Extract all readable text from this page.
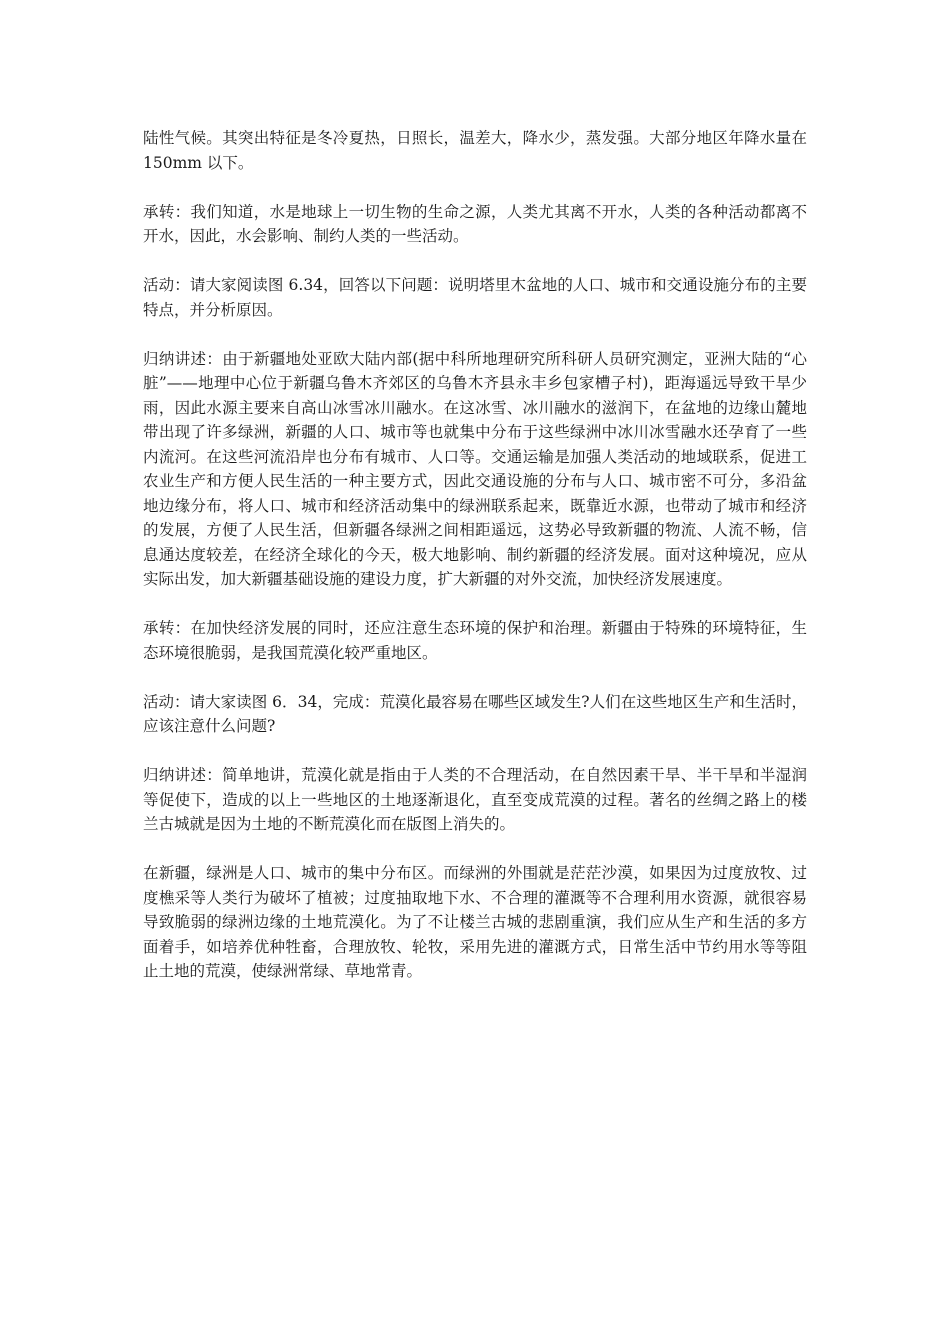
陆性气候。其突出特征是冬冷夏热，日照长，温差大，降水少，蒸发强。大部分地区年降水量在 150mm 以下。

承转：我们知道，水是地球上一切生物的生命之源，人类尤其离不开水，人类的各种活动都离不开水，因此，水会影响、制约人类的一些活动。

活动：请大家阅读图 6.34，回答以下问题：说明塔里木盆地的人口、城市和交通设施分布的主要特点，并分析原因。

归纳讲述：由于新疆地处亚欧大陆内部(据中科所地理研究所科研人员研究测定，亚洲大陆的“心脏”——地理中心位于新疆乌鲁木齐郊区的乌鲁木齐县永丰乡包家槽子村)，距海遥远导致干旱少雨，因此水源主要来自高山冰雪冰川融水。在这冰雪、冰川融水的滋润下，在盆地的边缘山麓地带出现了许多绿洲，新疆的人口、城市等也就集中分布于这些绿洲中冰川冰雪融水还孕育了一些内流河。在这些河流沿岸也分布有城市、人口等。交通运输是加强人类活动的地域联系，促进工农业生产和方便人民生活的一种主要方式，因此交通设施的分布与人口、城市密不可分，多沿盆地边缘分布，将人口、城市和经济活动集中的绿洲联系起来，既靠近水源，也带动了城市和经济的发展，方便了人民生活，但新疆各绿洲之间相距遥远，这势必导致新疆的物流、人流不畅，信息通达度较差，在经济全球化的今天，极大地影响、制约新疆的经济发展。面对这种境况，应从实际出发，加大新疆基础设施的建设力度，扩大新疆的对外交流，加快经济发展速度。

承转：在加快经济发展的同时，还应注意生态环境的保护和治理。新疆由于特殊的环境特征，生态环境很脆弱，是我国荒漠化较严重地区。

活动：请大家读图 6．34，完成：荒漠化最容易在哪些区域发生?人们在这些地区生产和生活时，应该注意什么问题?

归纳讲述：简单地讲，荒漠化就是指由于人类的不合理活动，在自然因素干旱、半干旱和半湿润等促使下，造成的以上一些地区的土地逐渐退化，直至变成荒漠的过程。著名的丝绸之路上的楼兰古城就是因为土地的不断荒漠化而在版图上消失的。

在新疆，绿洲是人口、城市的集中分布区。而绿洲的外围就是茫茫沙漠，如果因为过度放牧、过度樵采等人类行为破坏了植被；过度抽取地下水、不合理的灌溉等不合理利用水资源，就很容易导致脆弱的绿洲边缘的土地荒漠化。为了不让楼兰古城的悲剧重演，我们应从生产和生活的多方面着手，如培养优种牲畜，合理放牧、轮牧，采用先进的灌溉方式，日常生活中节约用水等等阻止土地的荒漠，使绿洲常绿、草地常青。
